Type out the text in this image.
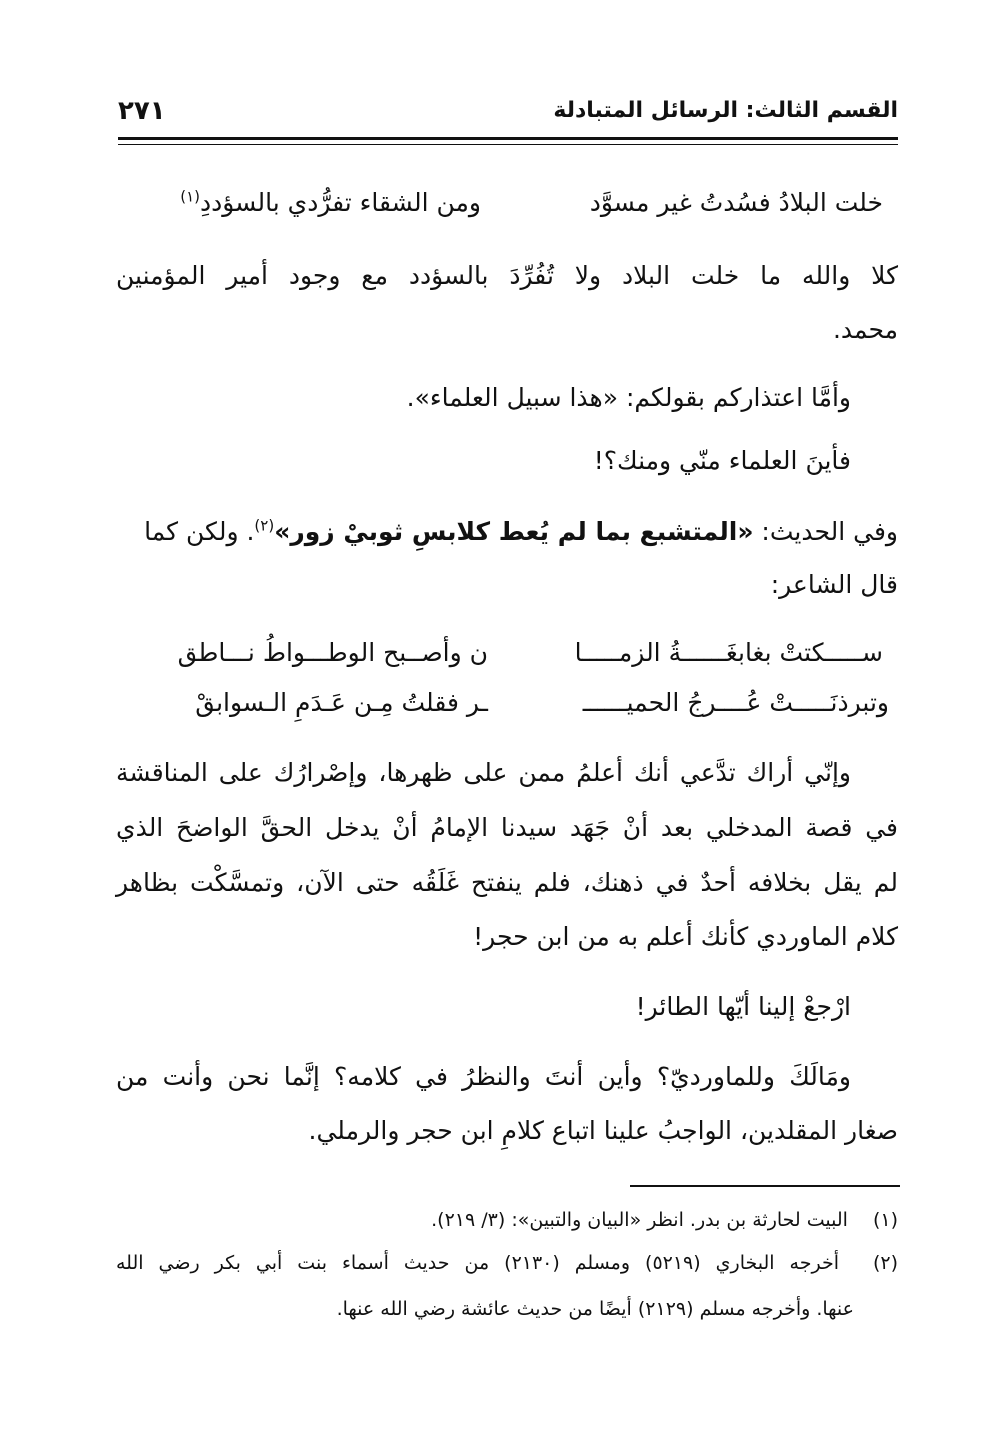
القسم الثالث: الرسائل المتبادلة
٢٧١
خلت البلادُ فسُدتُ غير مسوَّد
ومن الشقاء تفرُّدي بالسؤددِ$^{(١)}$
كلا والله ما خلت البلاد ولا تُفُرِّدَ بالسؤدد مع وجود أمير المؤمنين
محمد.
وأمَّا اعتذاركم بقولكم: «هذا سبيل العلماء».
فأينَ العلماء منّي ومنك؟!
وفي الحديث: «المتشبع بما لم يُعط كلابسِ ثوبيْ زور»$^{(٢)}$. ولكن كما
قال الشاعر:
ســـــكتتْ بغابغَــــــةُ الزمـــــا
ن وأصــبح الوطـــواطُ نـــاطق
وتبرذنَـــــتْ عُــــرجُ الحميــــــ
ـر فقلتُ مِـن عَـدَمِ الـسوابقْ
وإنّي أراك تدَّعي أنك أعلمُ ممن على ظهرها، وإصْرارُك على المناقشة
في قصة المدخلي بعد أنْ جَهَد سيدنا الإمامُ أنْ يدخل الحقَّ الواضحَ الذي
لم يقل بخلافه أحدٌ في ذهنك، فلم ينفتح غَلَقُه حتى الآن، وتمسَّكْت بظاهر
كلام الماوردي كأنك أعلم به من ابن حجر!
ارْجعْ إلينا أيّها الطائر!
ومَالَكَ وللماورديّ؟ وأين أنتَ والنظرُ في كلامه؟ إنَّما نحن وأنت من
صغار المقلدين، الواجبُ علينا اتباع كلامِ ابن حجر والرملي.
(١) البيت لحارثة بن بدر. انظر «البيان والتبين»: (٣/ ٢١٩).
(٢) أخرجه البخاري (٥٢١٩) ومسلم (٢١٣٠) من حديث أسماء بنت أبي بكر رضي الله
عنها. وأخرجه مسلم (٢١٢٩) أيضًا من حديث عائشة رضي الله عنها.
